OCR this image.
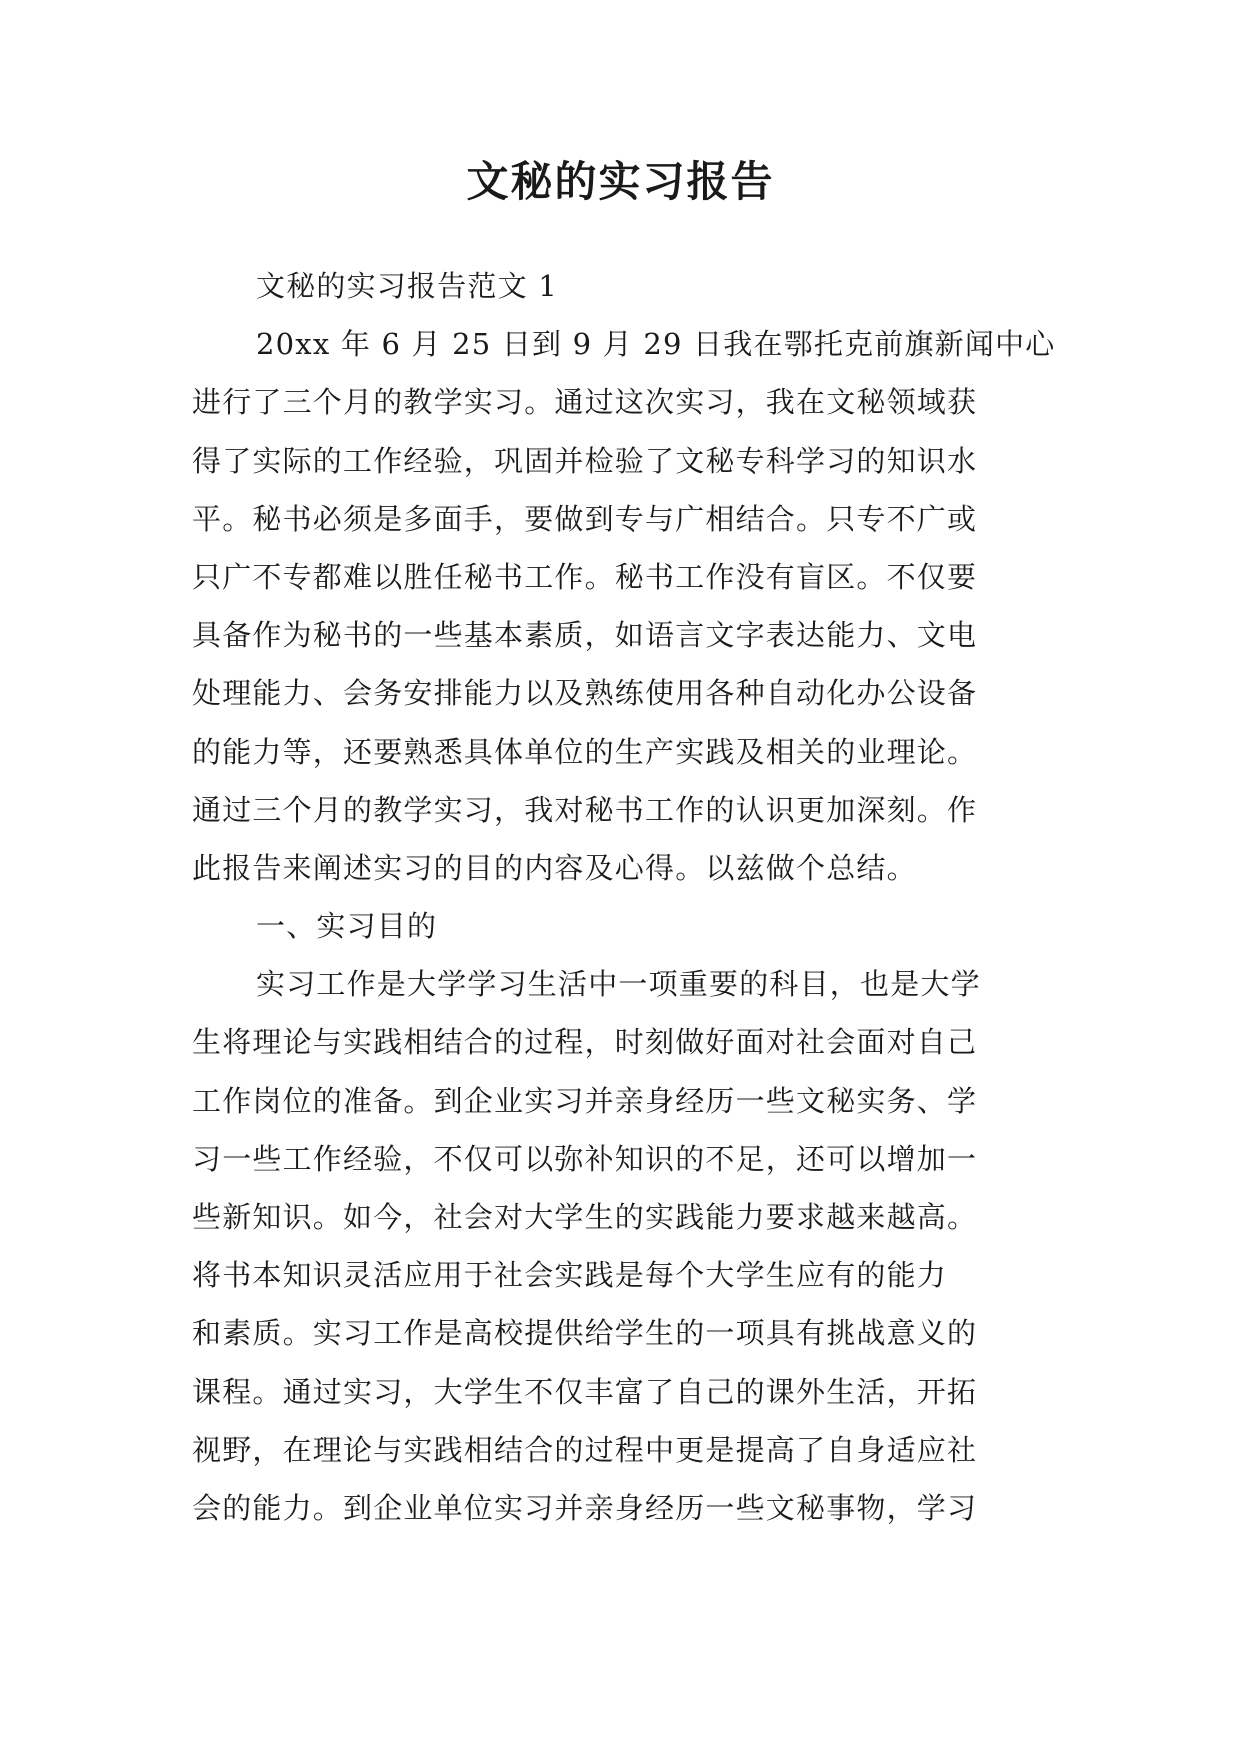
文秘的实习报告
文秘的实习报告范文 1
20xx 年 6 月 25 日到 9 月 29 日我在鄂托克前旗新闻中心
进行了三个月的教学实习。通过这次实习，我在文秘领域获
得了实际的工作经验，巩固并检验了文秘专科学习的知识水
平。秘书必须是多面手，要做到专与广相结合。只专不广或
只广不专都难以胜任秘书工作。秘书工作没有盲区。不仅要
具备作为秘书的一些基本素质，如语言文字表达能力、文电
处理能力、会务安排能力以及熟练使用各种自动化办公设备
的能力等，还要熟悉具体单位的生产实践及相关的业理论。
通过三个月的教学实习，我对秘书工作的认识更加深刻。作
此报告来阐述实习的目的内容及心得。以兹做个总结。
一、实习目的
实习工作是大学学习生活中一项重要的科目，也是大学
生将理论与实践相结合的过程，时刻做好面对社会面对自己
工作岗位的准备。到企业实习并亲身经历一些文秘实务、学
习一些工作经验，不仅可以弥补知识的不足，还可以增加一
些新知识。如今，社会对大学生的实践能力要求越来越高。
将书本知识灵活应用于社会实践是每个大学生应有的能力
和素质。实习工作是高校提供给学生的一项具有挑战意义的
课程。通过实习，大学生不仅丰富了自己的课外生活，开拓
视野，在理论与实践相结合的过程中更是提高了自身适应社
会的能力。到企业单位实习并亲身经历一些文秘事物，学习
